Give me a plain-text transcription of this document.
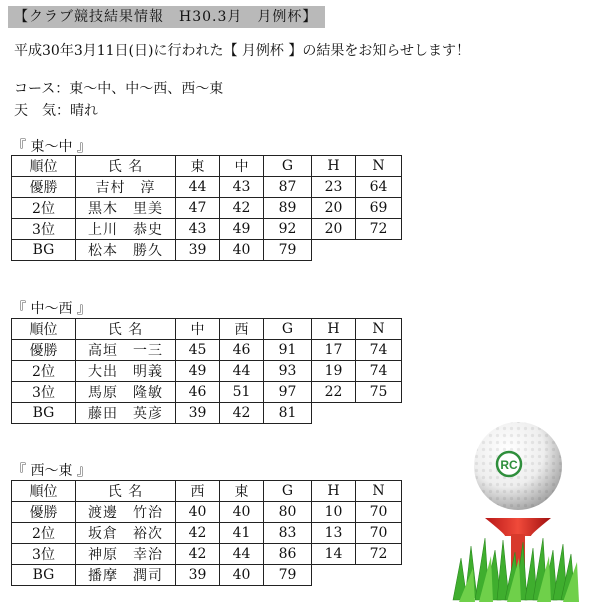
【クラブ競技結果情報　H30.3月　月例杯】
平成30年3月11日(日)に行われた【 月例杯 】の結果をお知らせします！
コース：東～中、中～西、西～東
天　気：晴れ
『 東～中 』
順位	氏 名	東	中	G	H	N
優勝	吉村　淳	44	43	87	23	64
2位	黒木　里美	47	42	89	20	69
3位	上川　恭史	43	49	92	20	72
BG	松本　勝久	39	40	79		
『 中～西 』
順位	氏 名	中	西	G	H	N
優勝	高垣　一三	45	46	91	17	74
2位	大出　明義	49	44	93	19	74
3位	馬原　隆敏	46	51	97	22	75
BG	藤田　英彦	39	42	81		
『 西～東 』
順位	氏 名	西	東	G	H	N
優勝	渡邊　竹治	40	40	80	10	70
2位	坂倉　裕次	42	41	83	13	70
3位	神原　幸治	42	44	86	14	72
BG	播摩　潤司	39	40	79		
RC
